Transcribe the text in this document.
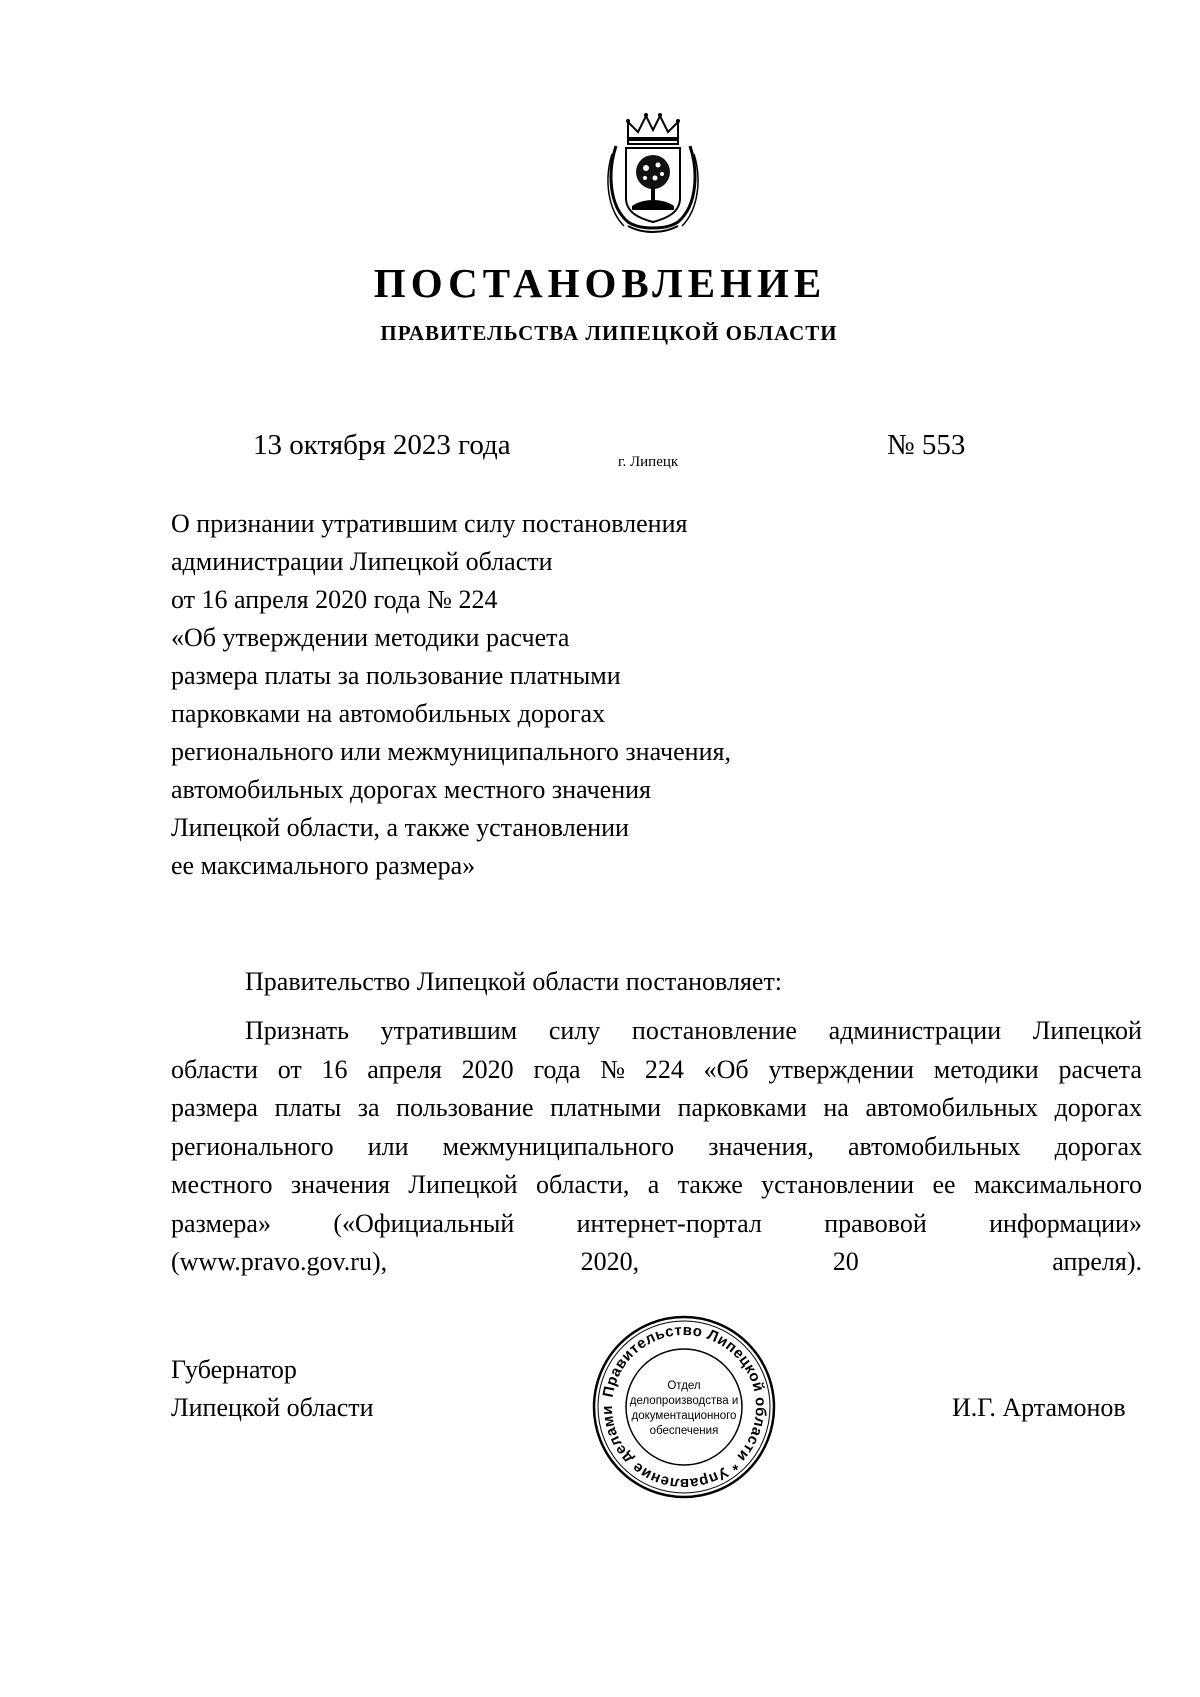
ПОСТАНОВЛЕНИЕ
ПРАВИТЕЛЬСТВА ЛИПЕЦКОЙ ОБЛАСТИ
13 октября 2023 года
г. Липецк
№ 553
О признании утратившим силу постановления
администрации Липецкой области
от 16 апреля 2020 года № 224
«Об утверждении методики расчета
размера платы за пользование платными
парковками на автомобильных дорогах
регионального или межмуниципального значения,
автомобильных дорогах местного значения
Липецкой области, а также установлении
ее максимального размера»
Правительство Липецкой области постановляет:
Признать утратившим силу постановление администрации Липецкой
области от 16 апреля 2020 года № 224 «Об утверждении методики расчета
размера платы за пользование платными парковками на автомобильных дорогах
регионального или межмуниципального значения, автомобильных дорогах
местного значения Липецкой области, а также установлении ее максимального
размера» («Официальный интернет-портал правовой информации»
(www.pravo.gov.ru), 2020, 20 апреля).
Губернатор
Липецкой области	И.Г. Артамонов
Правительство Липецкой области * Управление делами
Отдел
делопроизводства и
документационного
обеспечения
